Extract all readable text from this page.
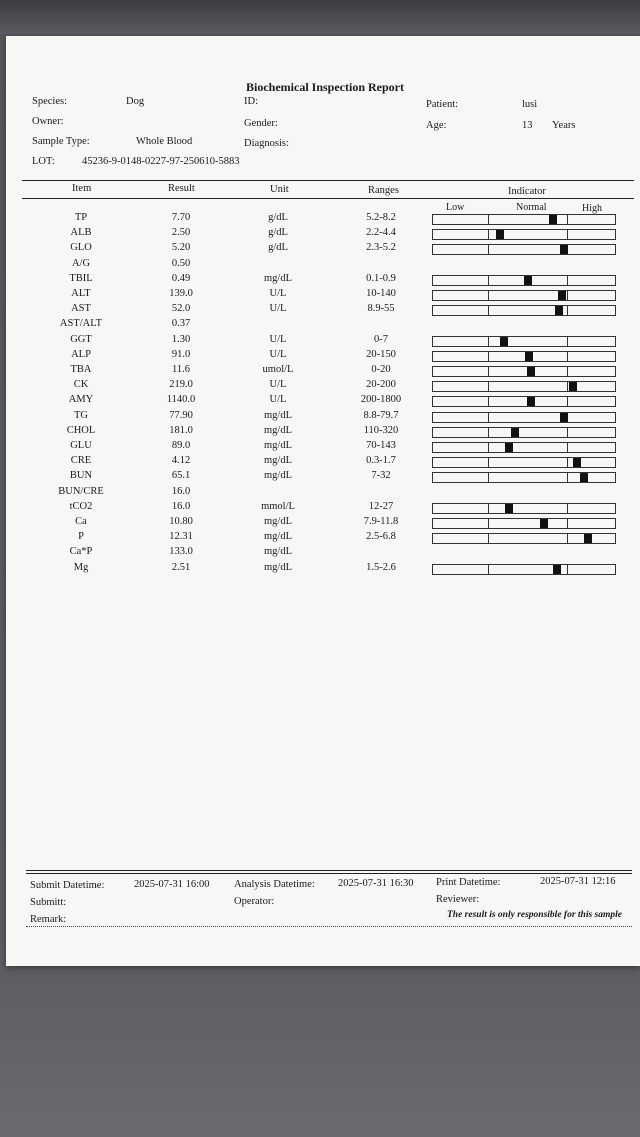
Biochemical Inspection Report
Species:	Dog	ID:	Patient:	lusi
Owner:	Gender:	Age:	13 Years
Sample Type:	Whole Blood	Diagnosis:
LOT:	45236-9-0148-0227-97-250610-5883
Item	Result	Unit	Ranges	Indicator
Low	Normal	High
TP	7.70	g/dL	5.2-8.2
ALB	2.50	g/dL	2.2-4.4
GLO	5.20	g/dL	2.3-5.2
A/G	0.50
TBIL	0.49	mg/dL	0.1-0.9
ALT	139.0	U/L	10-140
AST	52.0	U/L	8.9-55
AST/ALT	0.37
GGT	1.30	U/L	0-7
ALP	91.0	U/L	20-150
TBA	11.6	umol/L	0-20
CK	219.0	U/L	20-200
AMY	1140.0	U/L	200-1800
TG	77.90	mg/dL	8.8-79.7
CHOL	181.0	mg/dL	110-320
GLU	89.0	mg/dL	70-143
CRE	4.12	mg/dL	0.3-1.7
BUN	65.1	mg/dL	7-32
BUN/CRE	16.0
tCO2	16.0	mmol/L	12-27
Ca	10.80	mg/dL	7.9-11.8
P	12.31	mg/dL	2.5-6.8
Ca*P	133.0	mg/dL
Mg	2.51	mg/dL	1.5-2.6
Submit Datetime:	2025-07-31 16:00 Analysis Datetime: 2025-07-31 16:30 Print Datetime:	2025-07-31 12:16
Submitt:	Operator:	Reviewer:
Remark:	The result is only responsible for this sample
